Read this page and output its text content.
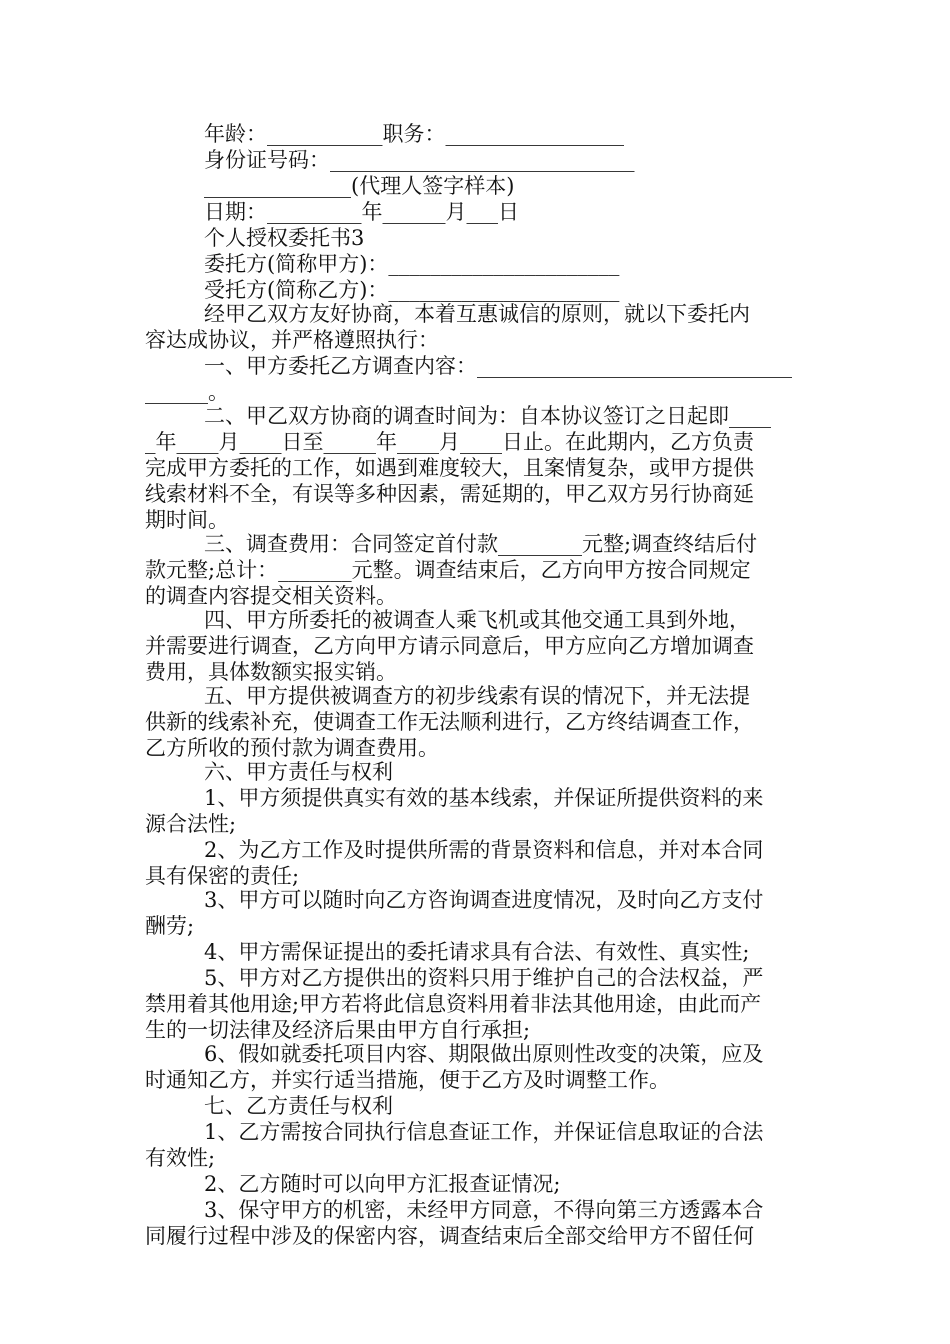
年龄：___________职务：_________________
身份证号码：_____________________________
______________(代理人签字样本)
日期：_________年______月___日
个人授权委托书3
委托方(简称甲方)：______________________
受托方(简称乙方)：______________________
经甲乙双方友好协商，本着互惠诚信的原则，就以下委托内
容达成协议，并严格遵照执行：
一、甲方委托乙方调查内容：______________________________
______。
二、甲乙双方协商的调查时间为：自本协议签订之日起即____
_年____月____日至_____年____月____日止。在此期内，乙方负责
完成甲方委托的工作，如遇到难度较大，且案情复杂，或甲方提供
线索材料不全，有误等多种因素，需延期的，甲乙双方另行协商延
期时间。
三、调查费用：合同签定首付款________元整;调查终结后付
款元整;总计：_______元整。调查结束后，乙方向甲方按合同规定
的调查内容提交相关资料。
四、甲方所委托的被调查人乘飞机或其他交通工具到外地，
并需要进行调查，乙方向甲方请示同意后，甲方应向乙方增加调查
费用，具体数额实报实销。
五、甲方提供被调查方的初步线索有误的情况下，并无法提
供新的线索补充，使调查工作无法顺利进行，乙方终结调查工作，
乙方所收的预付款为调查费用。
六、甲方责任与权利
1、甲方须提供真实有效的基本线索，并保证所提供资料的来
源合法性;
2、为乙方工作及时提供所需的背景资料和信息，并对本合同
具有保密的责任;
3、甲方可以随时向乙方咨询调查进度情况，及时向乙方支付
酬劳;
4、甲方需保证提出的委托请求具有合法、有效性、真实性;
5、甲方对乙方提供出的资料只用于维护自己的合法权益，严
禁用着其他用途;甲方若将此信息资料用着非法其他用途，由此而产
生的一切法律及经济后果由甲方自行承担;
6、假如就委托项目内容、期限做出原则性改变的决策，应及
时通知乙方，并实行适当措施，便于乙方及时调整工作。
七、乙方责任与权利
1、乙方需按合同执行信息查证工作，并保证信息取证的合法
有效性;
2、乙方随时可以向甲方汇报查证情况;
3、保守甲方的机密，未经甲方同意，不得向第三方透露本合
同履行过程中涉及的保密内容，调查结束后全部交给甲方不留任何
